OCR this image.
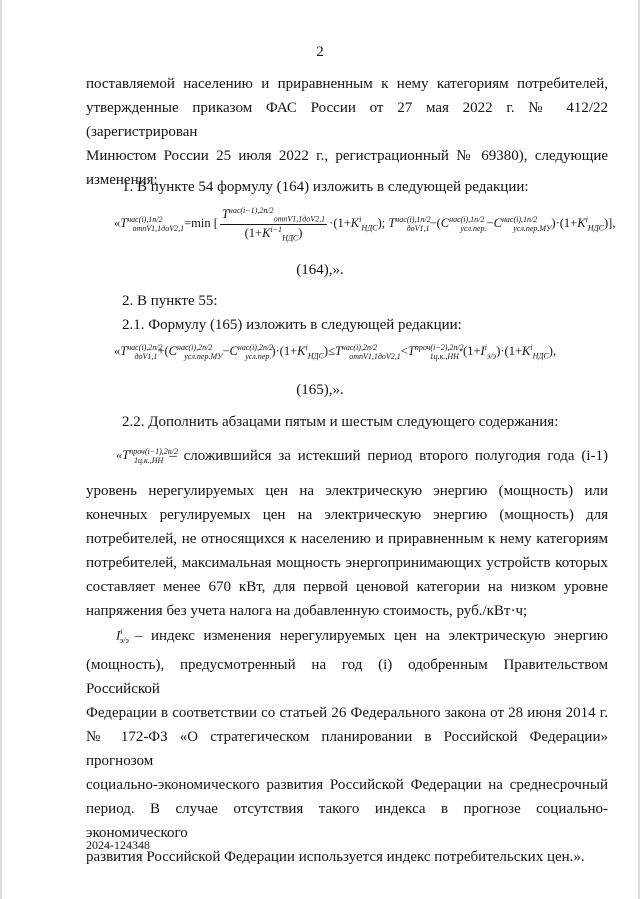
2
поставляемой населению и приравненным к нему категориям потребителей,
утвержденные приказом ФАС России от 27 мая 2022 г. № 412/22 (зарегистрирован
Минюстом России 25 июля 2022 г., регистрационный № 69380), следующие
изменения:
1. В пункте 54 формулу (164) изложить в следующей редакции:
«$T^{нас(i),1п/2}_{отпV1,1доV2,1}=\min$ [ $\frac{T^{нас(i-1),2п/2}_{отпV1,1доV2,1}}{(1+K^{i-1}_{НДС})} \cdot(1+K^i_{НДС})$; $T^{нас(i),1п/2}_{доV1,1}-(C^{нас(i),1п/2}_{усл.пер.}-C^{нас(i),1п/2}_{усл.пер.МУ})\cdot(1+K^i_{НДС})$],
(164),».
2. В пункте 55:
2.1. Формулу (165) изложить в следующей редакции:
«$T^{нас(i),2п/2}_{доV1,1}+(C^{нас(i),2п/2}_{усл.пер.МУ}-C^{нас(i),2п/2}_{усл.пер.})\cdot(1+K^i_{НДС})\le T^{нас(i),2п/2}_{отпV1,1доV2,1}<T^{проч(i-2),2п/2}_{1ц.к.,НН}\cdot(1+I^i_{э/э})\cdot(1+K^i_{НДС})$,
(165),».
2.2. Дополнить абзацами пятым и шестым следующего содержания:
«$T^{проч(i-1),2п/2}_{1ц.к.,НН}$ – сложившийся за истекший период второго полугодия года (i-1)
уровень нерегулируемых цен на электрическую энергию (мощность) или
конечных регулируемых цен на электрическую энергию (мощность) для
потребителей, не относящихся к населению и приравненным к нему категориям
потребителей, максимальная мощность энергопринимающих устройств которых
составляет менее 670 кВт, для первой ценовой категории на низком уровне
напряжения без учета налога на добавленную стоимость, руб./кВт·ч;
$I^i_{э/э}$ – индекс изменения нерегулируемых цен на электрическую энергию
(мощность), предусмотренный на год (i) одобренным Правительством Российской
Федерации в соответствии со статьей 26 Федерального закона от 28 июня 2014 г.
№ 172-ФЗ «О стратегическом планировании в Российской Федерации» прогнозом
социально-экономического развития Российской Федерации на среднесрочный
период. В случае отсутствия такого индекса в прогнозе социально-экономического
развития Российской Федерации используется индекс потребительских цен.».
2024-124348
